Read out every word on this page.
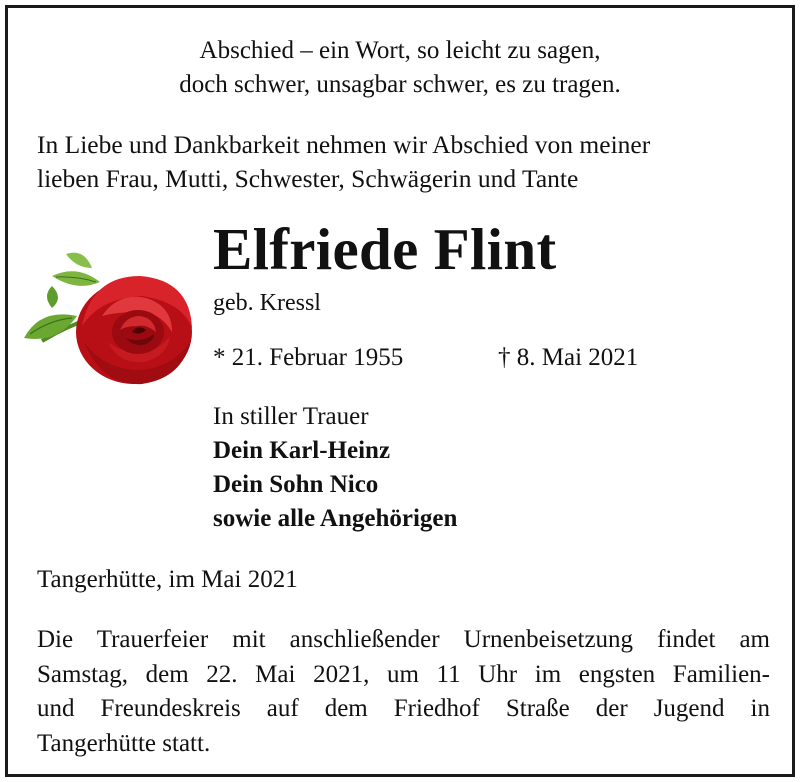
Abschied – ein Wort, so leicht zu sagen,
doch schwer, unsagbar schwer, es zu tragen.
In Liebe und Dankbarkeit nehmen wir Abschied von meiner
lieben Frau, Mutti, Schwester, Schwägerin und Tante
Elfriede Flint
geb. Kressl
* 21. Februar 1955	† 8. Mai 2021
In stiller Trauer
Dein Karl-Heinz
Dein Sohn Nico
sowie alle Angehörigen
Tangerhütte, im Mai 2021
Die Trauerfeier mit anschließender Urnenbeisetzung findet am
Samstag, dem 22. Mai 2021, um 11 Uhr im engsten Familien-
und Freundeskreis auf dem Friedhof Straße der Jugend in
Tangerhütte statt.
